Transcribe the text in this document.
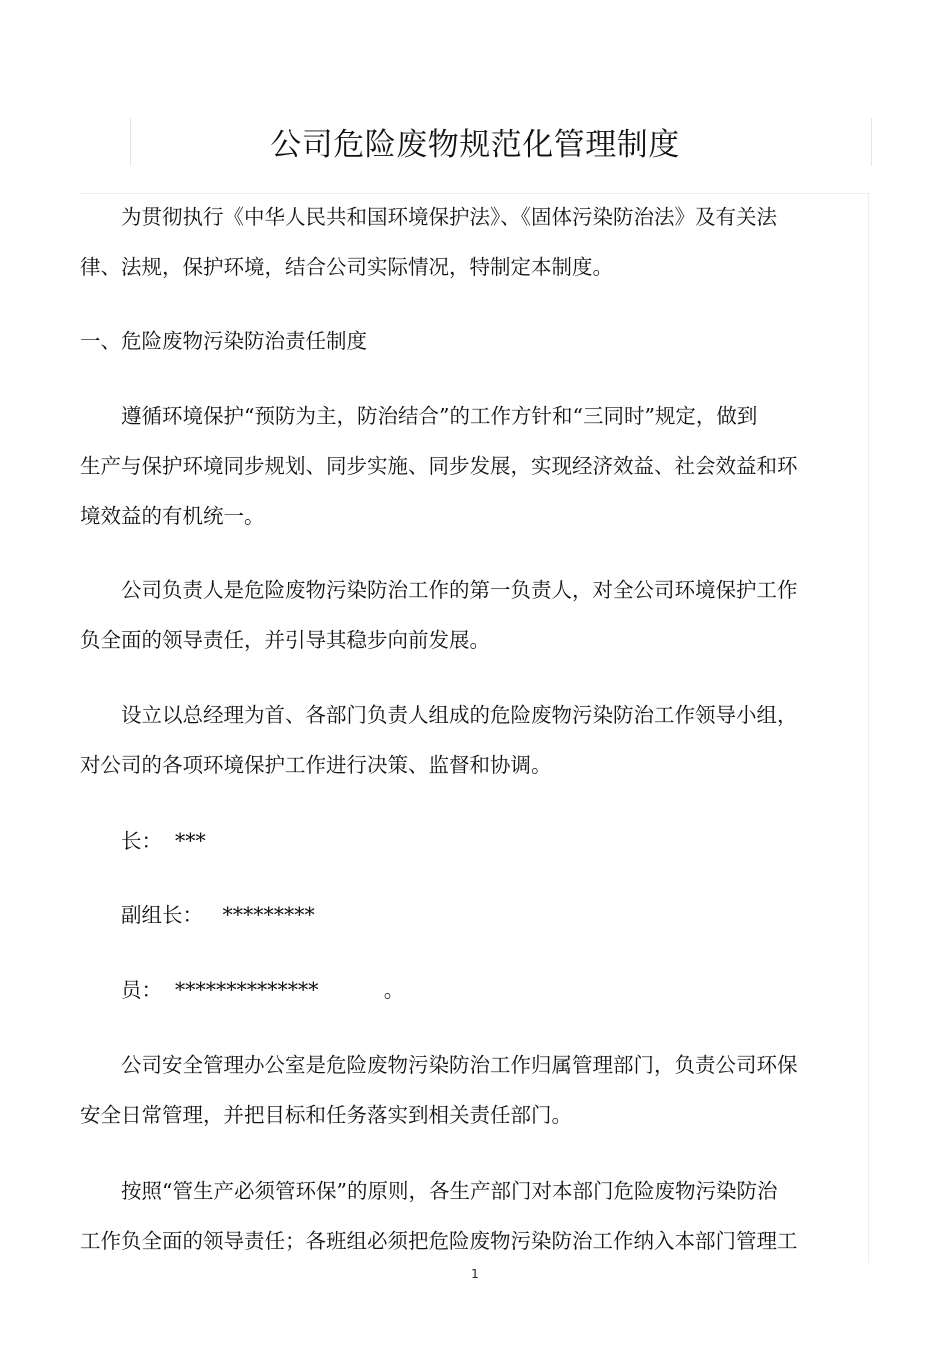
公司危险废物规范化管理制度
为贯彻执行《中华人民共和国环境保护法》、《固体污染防治法》及有关法
律、法规，保护环境，结合公司实际情况，特制定本制度。
一、危险废物污染防治责任制度
遵循环境保护“预防为主，防治结合”的工作方针和“三同时”规定，做到
生产与保护环境同步规划、同步实施、同步发展，实现经济效益、社会效益和环
境效益的有机统一。
公司负责人是危险废物污染防治工作的第一负责人，对全公司环境保护工作
负全面的领导责任，并引导其稳步向前发展。
设立以总经理为首、各部门负责人组成的危险废物污染防治工作领导小组，
对公司的各项环境保护工作进行决策、监督和协调。
长：  ***
副组长：   *********
员：  **************          。
公司安全管理办公室是危险废物污染防治工作归属管理部门，负责公司环保
安全日常管理，并把目标和任务落实到相关责任部门。
按照“管生产必须管环保”的原则，各生产部门对本部门危险废物污染防治
工作负全面的领导责任；各班组必须把危险废物污染防治工作纳入本部门管理工
1
